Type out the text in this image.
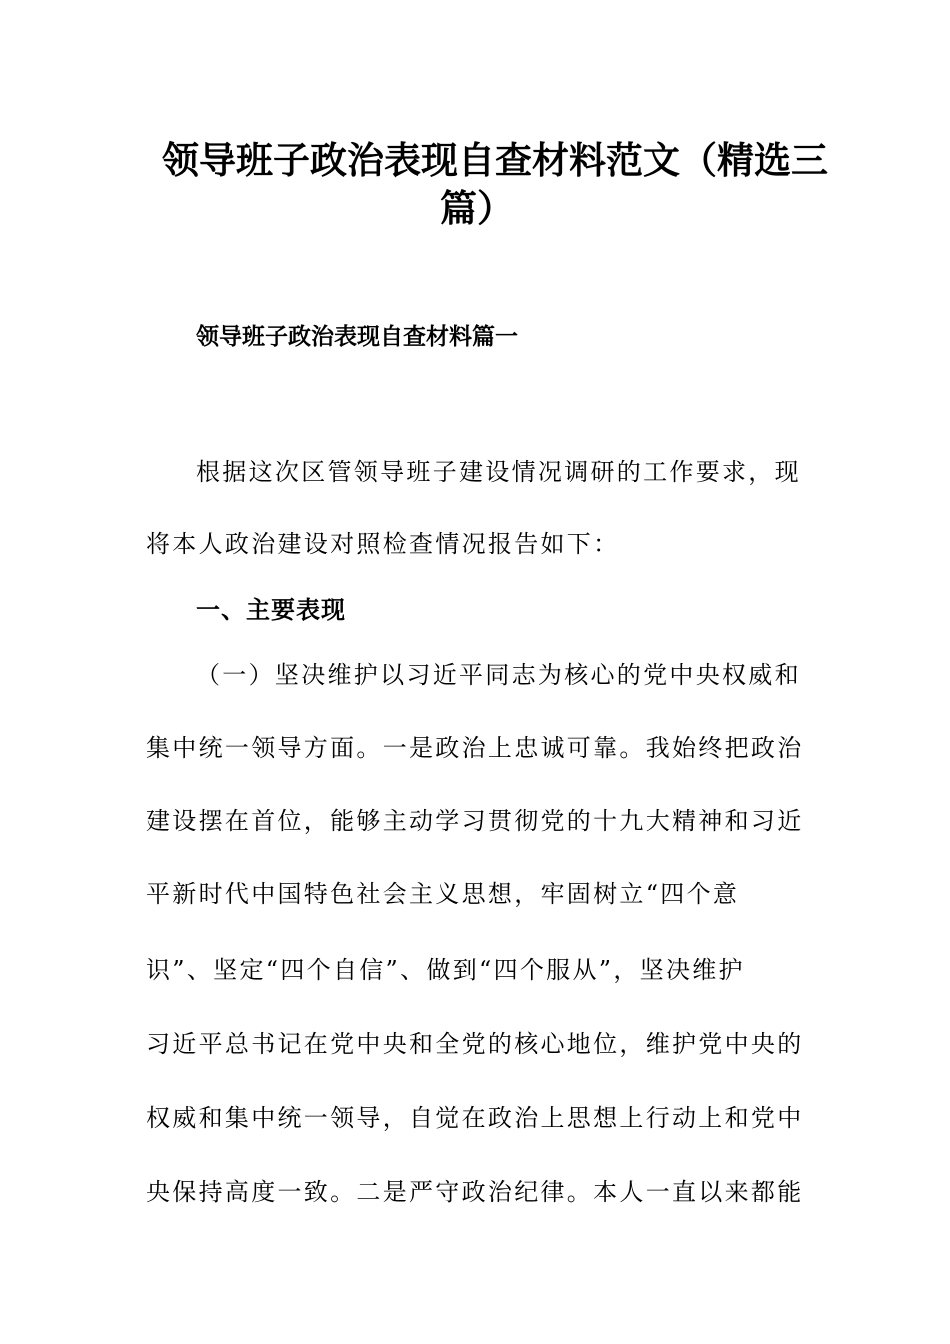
领导班子政治表现自查材料范文（精选三
篇）
领导班子政治表现自查材料篇一
根据这次区管领导班子建设情况调研的工作要求，现
将本人政治建设对照检查情况报告如下：
一、主要表现
（一）坚决维护以习近平同志为核心的党中央权威和
集中统一领导方面。一是政治上忠诚可靠。我始终把政治
建设摆在首位，能够主动学习贯彻党的十九大精神和习近
平新时代中国特色社会主义思想，牢固树立“四个意
识”、坚定“四个自信”、做到“四个服从”，坚决维护
习近平总书记在党中央和全党的核心地位，维护党中央的
权威和集中统一领导，自觉在政治上思想上行动上和党中
央保持高度一致。二是严守政治纪律。本人一直以来都能
